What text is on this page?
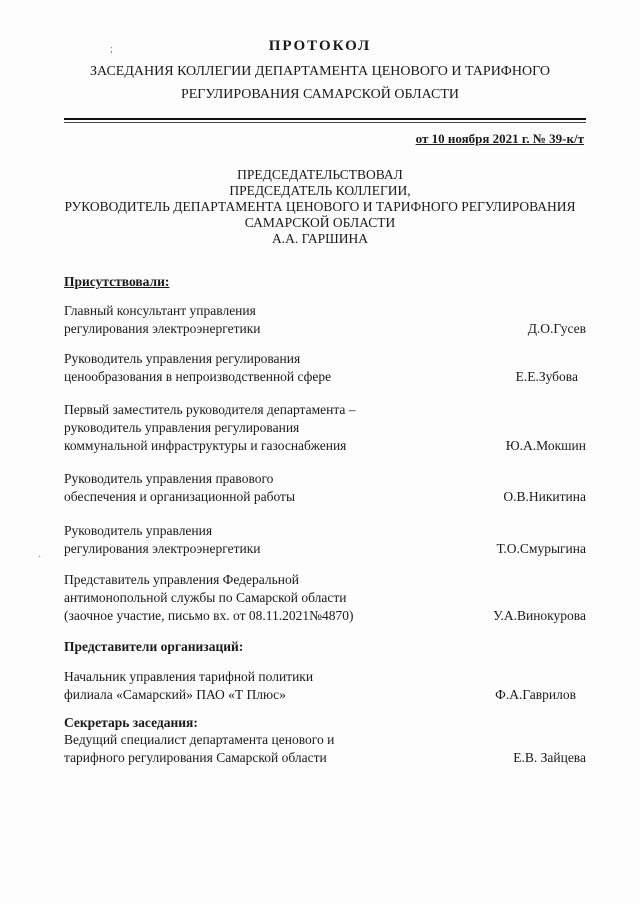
ПРОТОКОЛ
ЗАСЕДАНИЯ КОЛЛЕГИИ ДЕПАРТАМЕНТА ЦЕНОВОГО И ТАРИФНОГО
РЕГУЛИРОВАНИЯ САМАРСКОЙ ОБЛАСТИ
от 10 ноября 2021 г. № 39-к/т
ПРЕДСЕДАТЕЛЬСТВОВАЛ
ПРЕДСЕДАТЕЛЬ КОЛЛЕГИИ,
РУКОВОДИТЕЛЬ ДЕПАРТАМЕНТА ЦЕНОВОГО И ТАРИФНОГО РЕГУЛИРОВАНИЯ
САМАРСКОЙ ОБЛАСТИ
А.А. ГАРШИНА
Присутствовали:
Главный консультант управления
регулирования электроэнергетики	Д.О.Гусев
Руководитель управления регулирования
ценообразования в непроизводственной сфере	Е.Е.Зубова
Первый заместитель руководителя департамента –
руководитель управления регулирования
коммунальной инфраструктуры и газоснабжения	Ю.А.Мокшин
Руководитель управления правового
обеспечения и организационной работы	О.В.Никитина
Руководитель управления
регулирования электроэнергетики	Т.О.Смурыгина
Представитель управления Федеральной
антимонопольной службы по Самарской области
(заочное участие, письмо вх. от 08.11.2021№4870)	У.А.Винокурова
Представители организаций:
Начальник управления тарифной политики
филиала «Самарский» ПАО «Т Плюс»	Ф.А.Гаврилов
Секретарь заседания:
Ведущий специалист департамента ценового и
тарифного регулирования Самарской области	Е.В. Зайцева
;
·
